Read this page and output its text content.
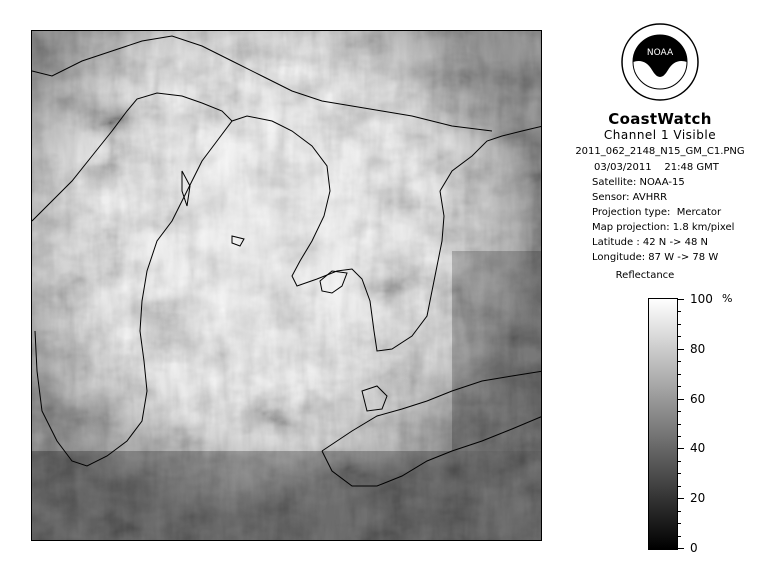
NOAA
CoastWatch
Channel 1 Visible
2011_062_2148_N15_GM_C1.PNG
03/03/2011 21:48 GMT
Satellite: NOAA-15
Sensor: AVHRR
Projection type:  Mercator
Map projection: 1.8 km/pixel
Latitude : 42 N -> 48 N
Longitude: 87 W -> 78 W
Reflectance
%
100
80
60
40
20
0
